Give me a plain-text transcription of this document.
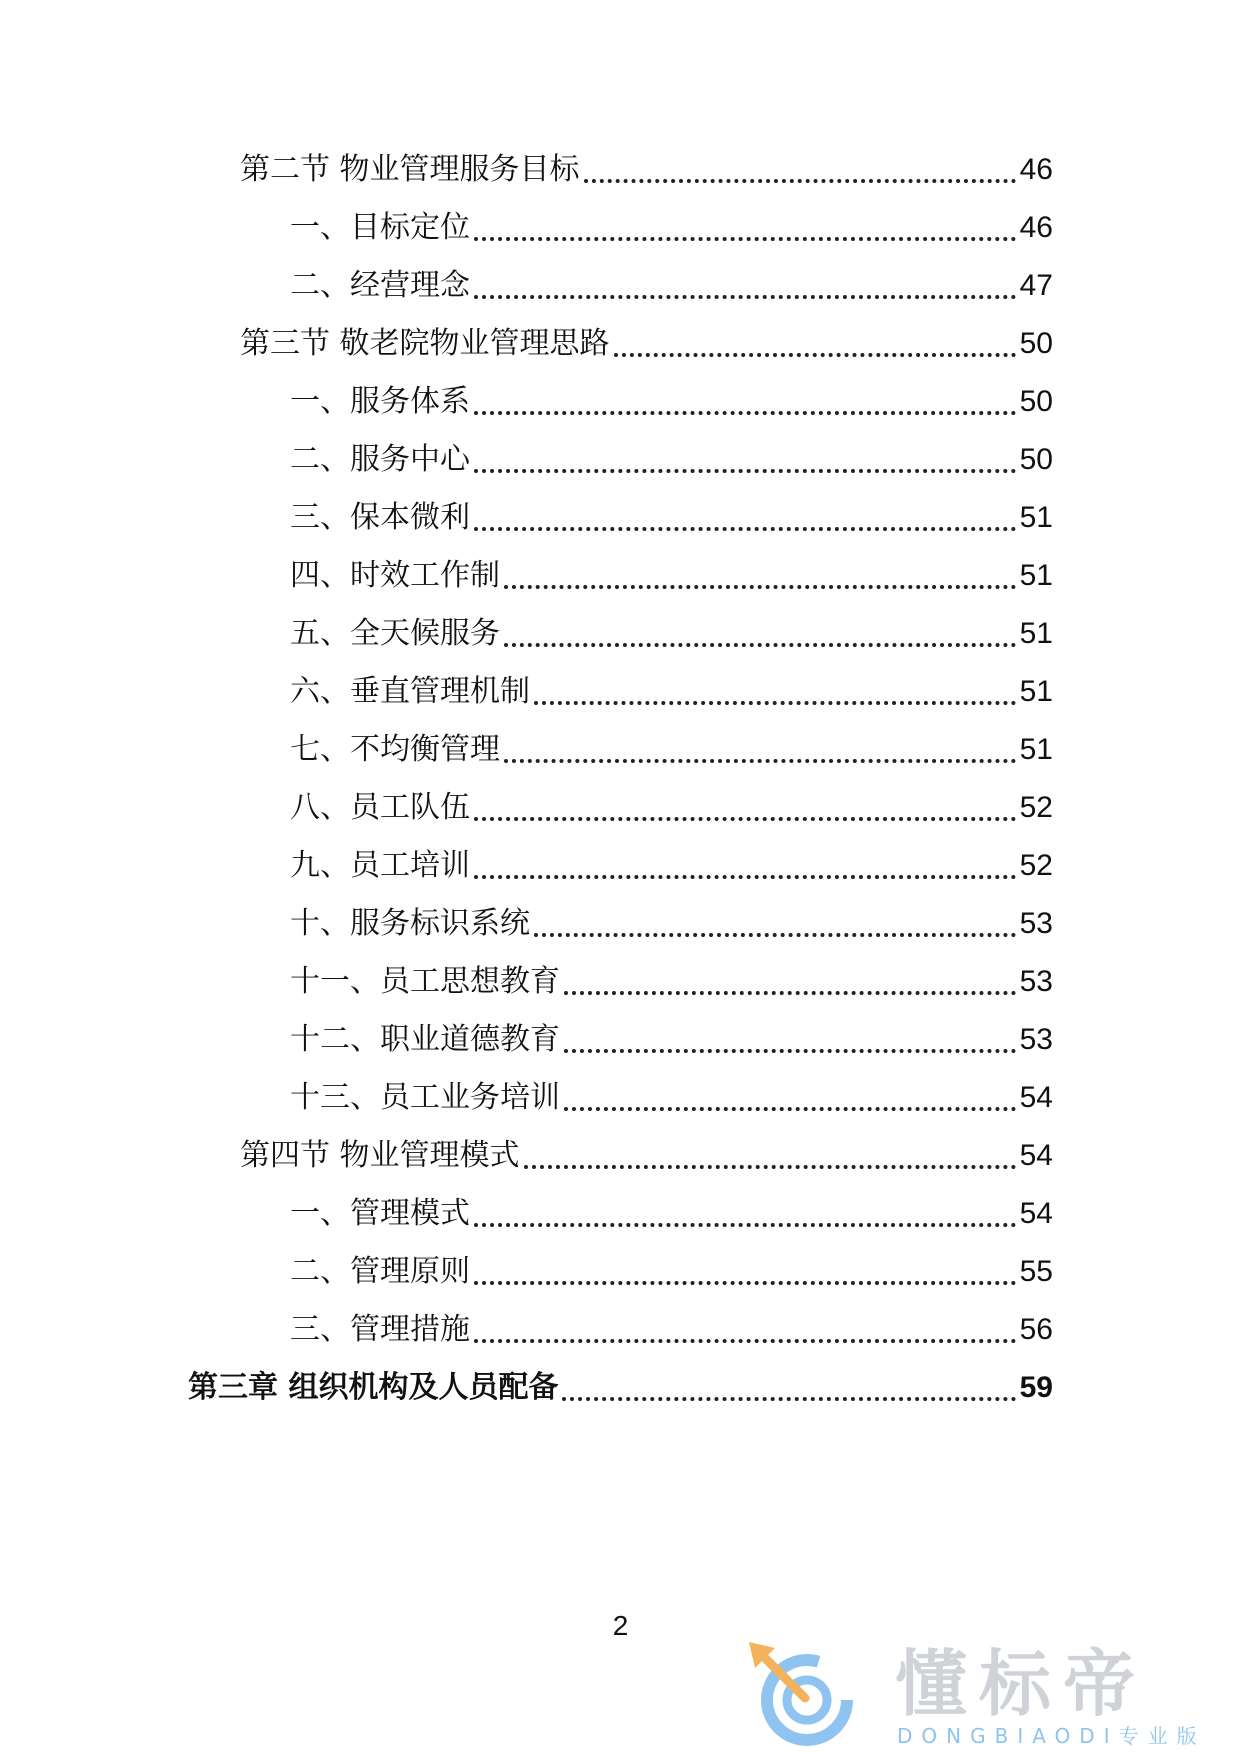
第二节 物业管理服务目标	46
一、目标定位	46
二、经营理念	47
第三节 敬老院物业管理思路	50
一、服务体系	50
二、服务中心	50
三、保本微利	51
四、时效工作制	51
五、全天候服务	51
六、垂直管理机制	51
七、不均衡管理	51
八、员工队伍	52
九、员工培训	52
十、服务标识系统	53
十一、员工思想教育	53
十二、职业道德教育	53
十三、员工业务培训	54
第四节 物业管理模式	54
一、管理模式	54
二、管理原则	55
三、管理措施	56
第三章 组织机构及人员配备	59
2
懂标帝
DONGBIAODI专业版
